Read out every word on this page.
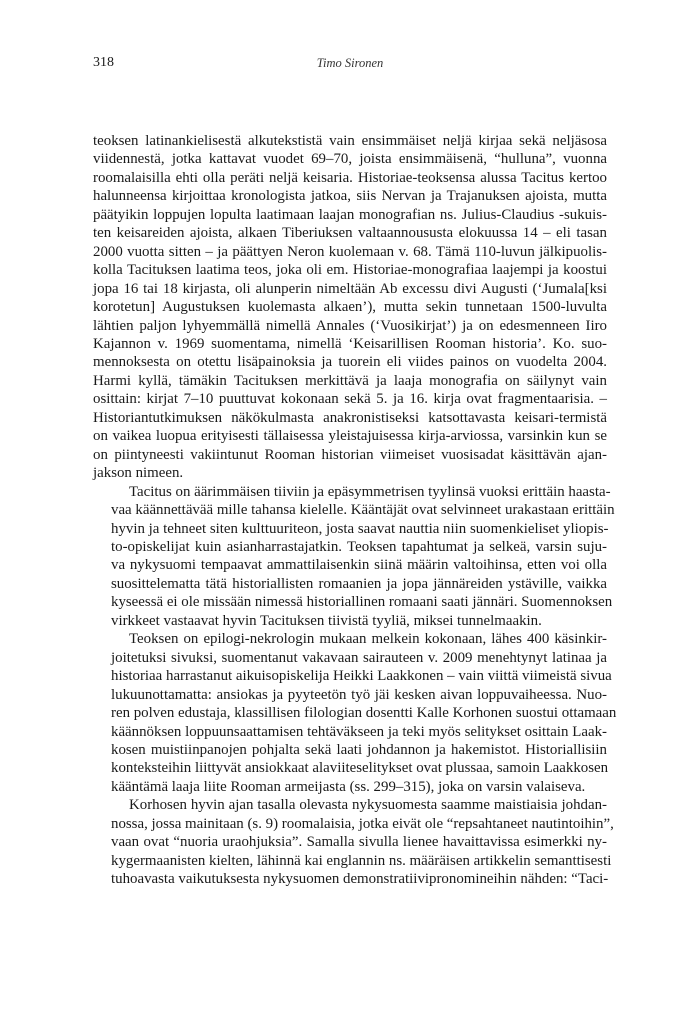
318	Timo Sironen

teoksen latinankielisestä alkutekstistä vain ensimmäiset neljä kirjaa sekä neljäsosa
viidennestä, jotka kattavat vuodet 69–70, joista ensimmäisenä, “hulluna”, vuonna
roomalaisilla ehti olla peräti neljä keisaria. Historiae-teoksensa alussa Tacitus kertoo
halunneensa kirjoittaa kronologista jatkoa, siis Nervan ja Trajanuksen ajoista, mutta
päätyikin loppujen lopulta laatimaan laajan monografian ns. Julius-Claudius -sukuis-
ten keisareiden ajoista, alkaen Tiberiuksen valtaannoususta elokuussa 14 – eli tasan
2000 vuotta sitten – ja päättyen Neron kuolemaan v. 68. Tämä 110-luvun jälkipuolis-
kolla Tacituksen laatima teos, joka oli em. Historiae-monografiaa laajempi ja koostui
jopa 16 tai 18 kirjasta, oli alunperin nimeltään Ab excessu divi Augusti (‘Jumala[ksi
korotetun] Augustuksen kuolemasta alkaen’), mutta sekin tunnetaan 1500-luvulta
lähtien paljon lyhyemmällä nimellä Annales (‘Vuosikirjat’) ja on edesmenneen Iiro
Kajannon v. 1969 suomentama, nimellä ‘Keisarillisen Rooman historia’. Ko. suo-
mennoksesta on otettu lisäpainoksia ja tuorein eli viides painos on vuodelta 2004.
Harmi kyllä, tämäkin Tacituksen merkittävä ja laaja monografia on säilynyt vain
osittain: kirjat 7–10 puuttuvat kokonaan sekä 5. ja 16. kirja ovat fragmentaarisia. –
Historiantutkimuksen näkökulmasta anakronistiseksi katsottavasta keisari-termistä
on vaikea luopua erityisesti tällaisessa yleistajuisessa kirja-arviossa, varsinkin kun se
on piintyneesti vakiintunut Rooman historian viimeiset vuosisadat käsittävän ajan-
jakson nimeen.

Tacitus on äärimmäisen tiiviin ja epäsymmetrisen tyylinsä vuoksi erittäin haasta-
vaa käännettävää mille tahansa kielelle. Kääntäjät ovat selvinneet urakastaan erittäin
hyvin ja tehneet siten kulttuuriteon, josta saavat nauttia niin suomenkieliset yliopis-
to-opiskelijat kuin asianharrastajatkin. Teoksen tapahtumat ja selkeä, varsin suju-
va nykysuomi tempaavat ammattilaisenkin siinä määrin valtoihinsa, etten voi olla
suosittelematta tätä historiallisten romaanien ja jopa jännäreiden ystäville, vaikka
kyseessä ei ole missään nimessä historiallinen romaani saati jännäri. Suomennoksen
virkkeet vastaavat hyvin Tacituksen tiivistä tyyliä, miksei tunnelmaakin.

Teoksen on epilogi-nekrologin mukaan melkein kokonaan, lähes 400 käsinkir-
joitetuksi sivuksi, suomentanut vakavaan sairauteen v. 2009 menehtynyt latinaa ja
historiaa harrastanut aikuisopiskelija Heikki Laakkonen – vain viittä viimeistä sivua
lukuunottamatta: ansiokas ja pyyteetön työ jäi kesken aivan loppuvaiheessa. Nuo-
ren polven edustaja, klassillisen filologian dosentti Kalle Korhonen suostui ottamaan
käännöksen loppuunsaattamisen tehtäväkseen ja teki myös selitykset osittain Laak-
kosen muistiinpanojen pohjalta sekä laati johdannon ja hakemistot. Historiallisiin
konteksteihin liittyvät ansiokkaat alaviiteselitykset ovat plussaa, samoin Laakkosen
kääntämä laaja liite Rooman armeijasta (ss. 299–315), joka on varsin valaiseva.

Korhosen hyvin ajan tasalla olevasta nykysuomesta saamme maistiaisia johdan-
nossa, jossa mainitaan (s. 9) roomalaisia, jotka eivät ole “repsahtaneet nautintoihin”,
vaan ovat “nuoria uraohjuksia”. Samalla sivulla lienee havaittavissa esimerkki ny-
kygermaanisten kielten, lähinnä kai englannin ns. määräisen artikkelin semanttisesti
tuhoavasta vaikutuksesta nykysuomen demonstratiivipronomineihin nähden: “Taci-
